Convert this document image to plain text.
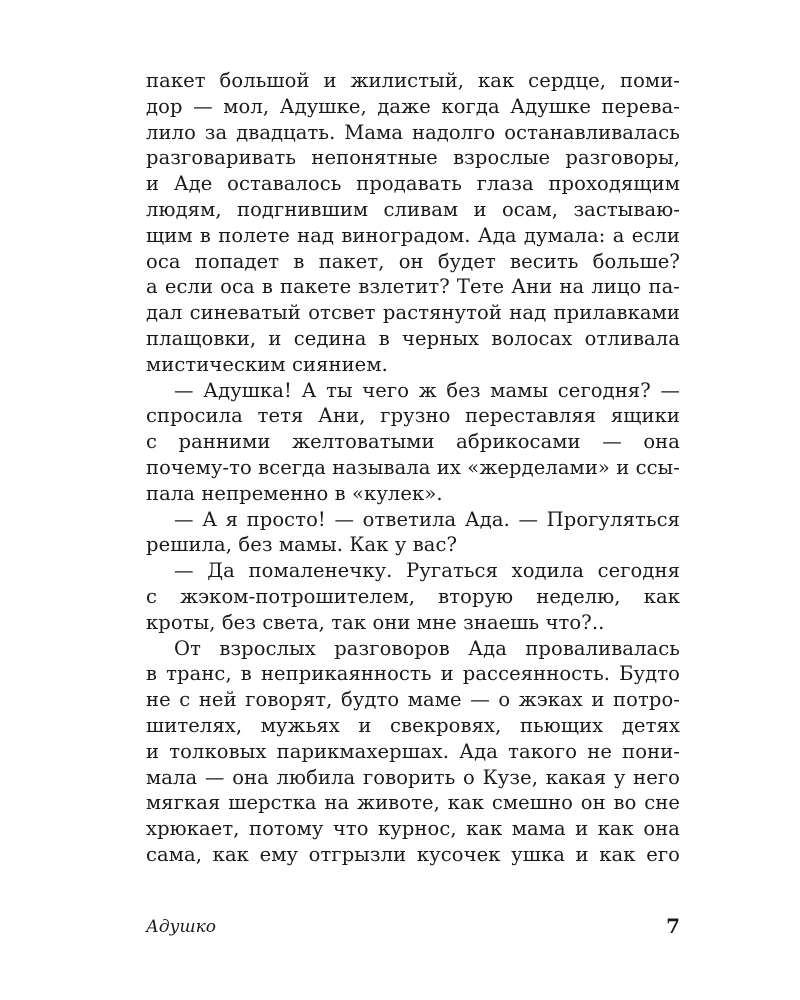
пакет большой и жилистый, как сердце, поми-
дор — мол, Адушке, даже когда Адушке перева-
лило за двадцать. Мама надолго останавливалась
разговаривать непонятные взрослые разговоры,
и Аде оставалось продавать глаза проходящим
людям, подгнившим сливам и осам, застываю-
щим в полете над виноградом. Ада думала: а если
оса попадет в пакет, он будет весить больше?
а если оса в пакете взлетит? Тете Ани на лицо па-
дал синеватый отсвет растянутой над прилавками
плащовки, и седина в черных волосах отливала
мистическим сиянием.
— Адушка! А ты чего ж без мамы сегодня? —
спросила тетя Ани, грузно переставляя ящики
с ранними желтоватыми абрикосами — она
почему-то всегда называла их «жерделами» и ссы-
пала непременно в «кулек».
— А я просто! — ответила Ада. — Прогуляться
решила, без мамы. Как у вас?
— Да помаленечку. Ругаться ходила сегодня
с жэком-потрошителем, вторую неделю, как
кроты, без света, так они мне знаешь что?..
От взрослых разговоров Ада проваливалась
в транс, в неприкаянность и рассеянность. Будто
не с ней говорят, будто маме — о жэках и потро-
шителях, мужьях и свекровях, пьющих детях
и толковых парикмахершах. Ада такого не пони-
мала — она любила говорить о Кузе, какая у него
мягкая шерстка на животе, как смешно он во сне
хрюкает, потому что курнос, как мама и как она
сама, как ему отгрызли кусочек ушка и как его
Адушко	7
